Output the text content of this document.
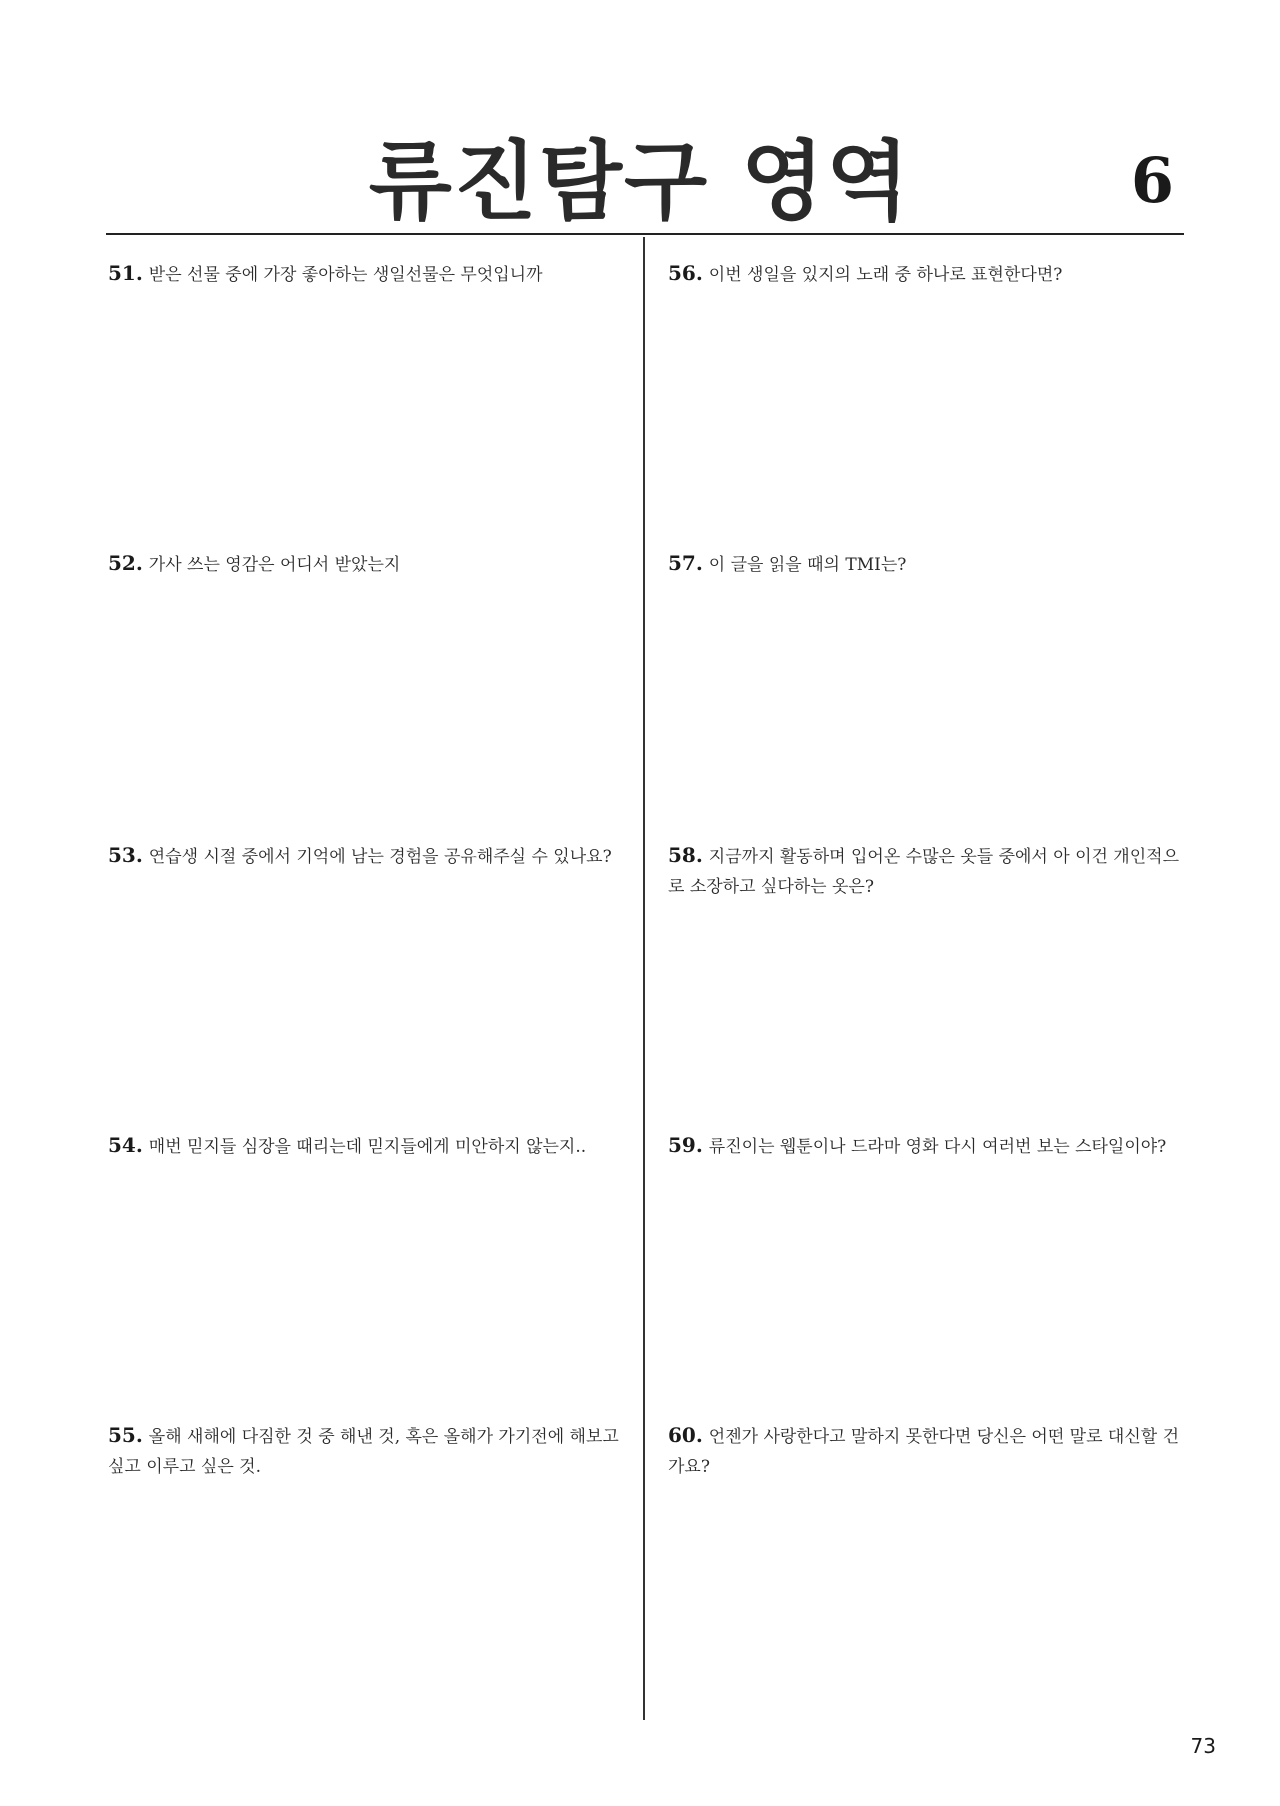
류진탐구 영역	6
51. 받은 선물 중에 가장 좋아하는 생일선물은 무엇입니까
52. 가사 쓰는 영감은 어디서 받았는지
53. 연습생 시절 중에서 기억에 남는 경험을 공유해주실 수 있나요?
54. 매번 믿지들 심장을 때리는데 믿지들에게 미안하지 않는지..
55. 올해 새해에 다짐한 것 중 해낸 것, 혹은 올해가 가기전에 해보고 싶고 이루고 싶은 것.
56. 이번 생일을 있지의 노래 중 하나로 표현한다면?
57. 이 글을 읽을 때의 TMI는?
58. 지금까지 활동하며 입어온 수많은 옷들 중에서 아 이건 개인적으로 소장하고 싶다하는 옷은?
59. 류진이는 웹툰이나 드라마 영화 다시 여러번 보는 스타일이야?
60. 언젠가 사랑한다고 말하지 못한다면 당신은 어떤 말로 대신할 건가요?
73
